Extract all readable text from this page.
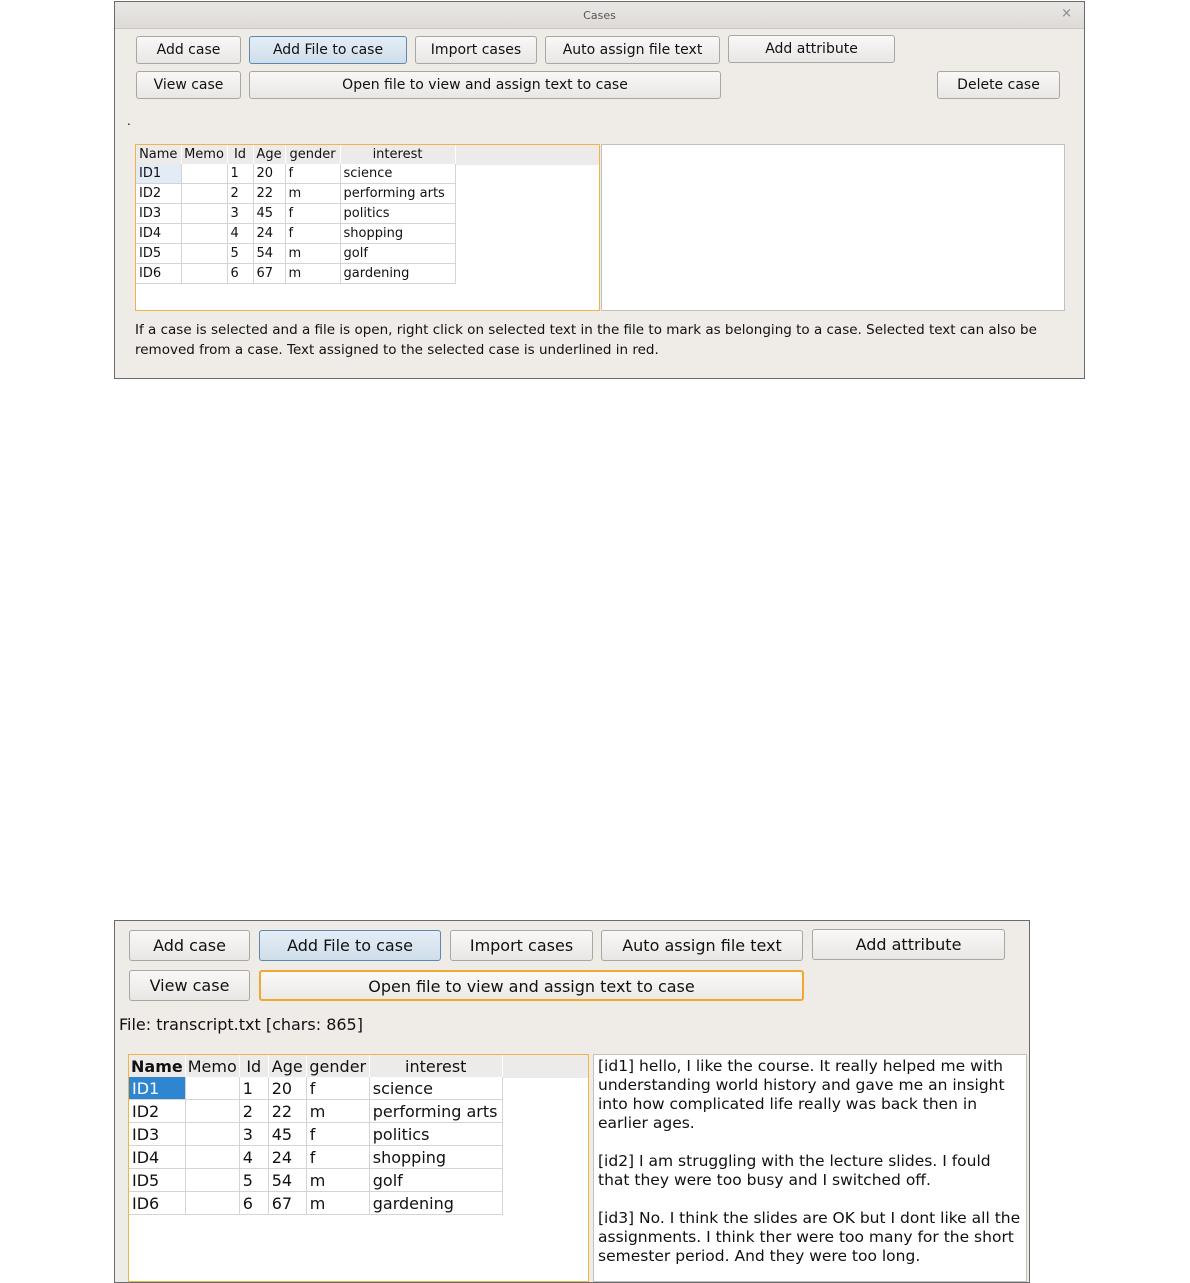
Cases	×
Add case	Add File to case	Import cases	Auto assign file text	Add attribute
View case	Open file to view and assign text to case	Delete case
.
Name	Memo	Id	Age	gender	interest
ID1		1	20	f	science
ID2		2	22	m	performing arts
ID3		3	45	f	politics
ID4		4	24	f	shopping
ID5		5	54	m	golf
ID6		6	67	m	gardening
If a case is selected and a file is open, right click on selected text in the file to mark as belonging to a case. Selected text can also be removed from a case. Text assigned to the selected case is underlined in red.
Add case	Add File to case	Import cases	Auto assign file text	Add attribute
View case	Open file to view and assign text to case
File: transcript.txt [chars: 865]
Name	Memo	Id	Age	gender	interest
ID1		1	20	f	science
ID2		2	22	m	performing arts
ID3		3	45	f	politics
ID4		4	24	f	shopping
ID5		5	54	m	golf
ID6		6	67	m	gardening

[id1] hello, I like the course. It really helped me with understanding world history and gave me an insight into how complicated life really was back then in earlier ages.

[id2] I am struggling with the lecture slides. I fould that they were too busy and I switched off.

[id3] No. I think the slides are OK but I dont like all the assignments. I think ther were too many for the short semester period. And they were too long.
